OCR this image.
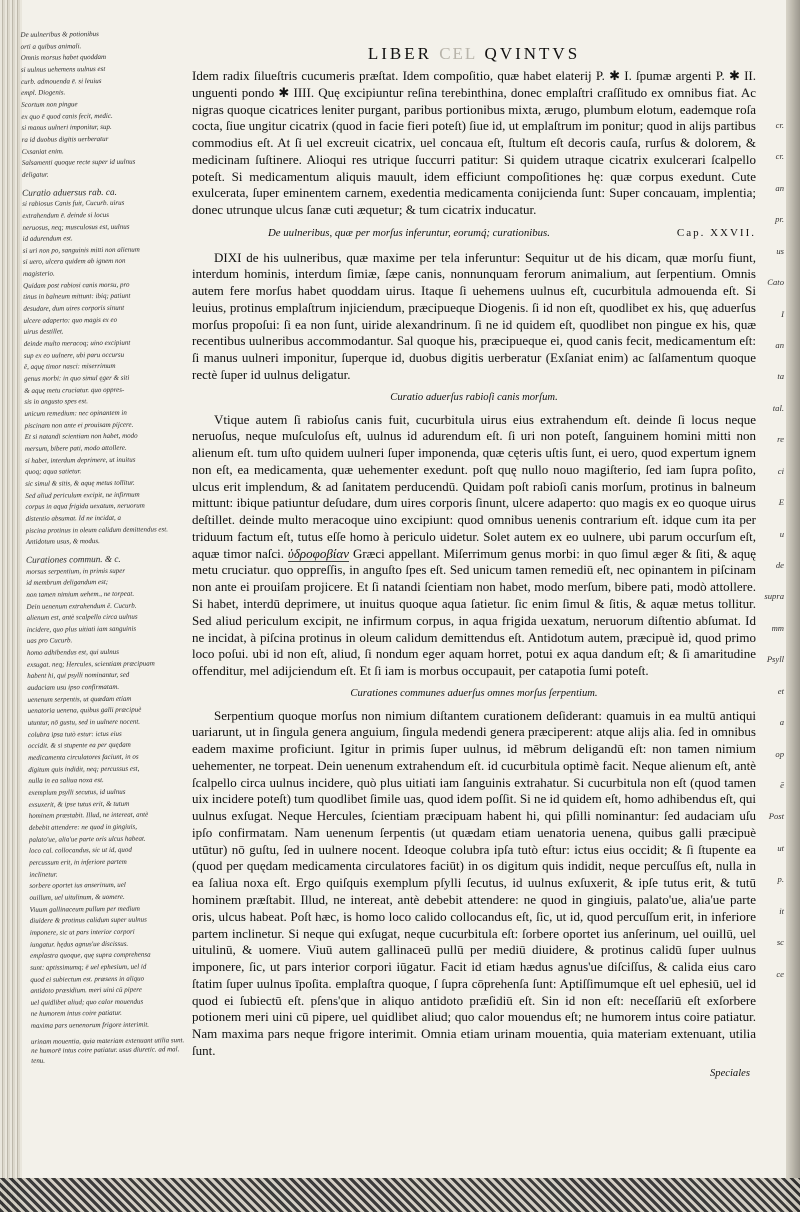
De uulneribus & potionibus
orti a quibus animali.
Omnis morsus habet quoddam
si uulnus uehemens uulnus est
curb. admouenda ē. si leuius
empl. Diogenis.
Scortum non pingue
ex quo ē quod canis fecit, medic.
si manus uulneri imponitur, sup.
ra id duobus digitis uerberatur
Cxsaniat enim.
Salsamenti quoque recte super id uulnus
deligatur.
Curatio aduersus rab. ca.
si rabiosus Canis fuit, Cucurb. uirus
extrahendum ē. deinde si locus
neruosus, neq; musculosus est, uulnus
id adurendum est.
si uri non po, sanguinis mitti non alienum
si uero, ulcera quidem ab ignem non
magisterio.
Quidam post rabiosi canis morsu, pro
tinus in balneum mittunt: ibiq; patiunt
desudare, dum uires corporis sinunt
ulcere adaperto: quo magis ex eo
uirus destillet.
deinde multo meracoq; uino excipiunt
sup ex eo uulnere, ubi paru occursu
ē, aquę timor nasci: miserrimum
genus morbi: in quo simul ęger & siti
& aquę metu cruciatur. quo oppres-
sis in angusto spes est.
unicum remedium: nec opinantem in
piscinam non ante ei prouisam pijcere.
Et si natandi scientiam non habet, modo
mersum, bibere pati, modo attollere.
si habet, interdum deprimere, ut inuitus
quoq; aqua satietur.
sic simul & sitis, & aquę metus tollitur.
Sed aliud periculum excipit, ne infirmum
corpus in aqua frigida uexatum, neruorum
distentio absumat. Id ne incidat, a
piscina protinus in oleum calidum demittendus est.
Antidotum usus, & modus.
Curationes commun. & c.
morsus serpentium, in primis super
id membrum deligandum est;
non tamen nimium uehem., ne torpeat.
Dein uenenum extrahendum ē. Cucurb.
alienum est, antè scalpello circa uulnus
incidere, quo plus uitiati iam sanguinis
uas pro Cucurb.
homo adhibendus est, qui uulnus
exsugat. neq; Hercules, scientiam præcipuam
habent hi, qui psylli nominantur, sed
audaciam usu ipso confirmatam.
uenenum serpentis, ut quædam etiam
uenatoria uenena, quibus galli præcipuè
utuntur, nō gustu, sed in uulnere nocent.
colubra ipsa tutò estur: ictus eius
occidit. & si stupente ea per quędam
medicamenta circulatores faciunt, in os
digitum quis indidit, neq; percussus est,
nulla in ea saliua noxa est.
exemplum psylli secutus, id uulnus
exsuxerit, & ipse tutus erit, & tutum
hominem præstabit. Illud, ne intereat, antè
debebit attendere: ne quod in gingiuis,
palato'ue, alia'ue parte oris ulcus habeat.
loco cal. collocandus, sic ut id, quod
percussum erit, in inferiore partem
inclinetur.
sorbere oportet ius anserinum, uel
ouillum, uel uitulinum, & uomere.
Viuum gallinaceum pullum per medium
diuidere & protinus calidum super uulnus
imponere, sic ut pars interior corpori
iungatur. hędus agnus'ue discissus.
emplastra quoque, quę supra comprehensa
sunt: aptissimumq; ē uel ephesium, uel id
quod ei subiectum est. præsens in aliquo
antidoto præsidium. meri uini cū pipere
uel quidlibet aliud; quo calor mouendus
ne humorem intus coire patiatur.
maxima pars uenenorum frigore interimit.
urinam mouentia, quia materiam extenuant utilia sunt. ne humorē intus coire patiatur. usus diuretic. ad mal. tenu.
cr.
cr.
an
pr.
us
Cato
I
an
ta
tal.
re
ci
E
u
de
supra
mm
Psyll
et
a
op
ē
Post
ut
p.
it
sc
ce
LIBER CEL QVINTVS

Idem radix ſilueſtris cucumeris præſtat. Idem compoſitio, quæ habet elaterij P. ✱ I. ſpumæ argenti P. ✱ II. unguenti pondo ✱ IIII. Quę excipiuntur reſina terebinthina, donec emplaſtri craſſitudo ex omnibus fiat. Ac nigras quoque cicatrices leniter purgant, paribus portionibus mixta, ærugo, plumbum elotum, eademque roſa cocta, ſiue ungitur cicatrix (quod in facie fieri poteſt) ſiue id, ut emplaſtrum im ponitur; quod in alijs partibus commodius eſt. At ſi uel excreuit cicatrix, uel concaua eſt, ſtultum eſt decoris cauſa, rurſus & dolorem, & medicinam ſuſtinere. Alioqui res utrique ſuccurri patitur: Si quidem utraque cicatrix exulcerari ſcalpello poteſt. Si medicamentum aliquis mauult, idem efficiunt compoſitiones hę: quæ corpus exedunt. Cute exulcerata, ſuper eminentem carnem, exedentia medicamenta conijcienda ſunt: Super concauam, implentia; donec utrunque ulcus ſanæ cuti æquetur; & tum cicatrix inducatur.

De uulneribus, quæ per morſus inferuntur, eorumq́; curationibus.	Cap. XXVII.

DIXI de his uulneribus, quæ maxime per tela inferuntur: Sequitur ut de his dicam, quæ morſu fiunt, interdum hominis, interdum ſimiæ, ſæpe canis, nonnunquam ferorum animalium, aut ſerpentium. Omnis autem fere morſus habet quoddam uirus. Itaque ſi uehemens uulnus eſt, cucurbitula admouenda eſt. Si leuius, protinus emplaſtrum injiciendum, præcipueque Diogenis. ſi id non eſt, quodlibet ex his, quę aduerſus morſus propoſui: ſi ea non ſunt, uiride alexandrinum. ſi ne id quidem eſt, quodlibet non pingue ex his, quæ recentibus uulneribus accommodantur. Sal quoque his, præcipueque ei, quod canis fecit, medicamentum eſt: ſi manus uulneri imponitur, ſuperque id, duobus digitis uerberatur (Exſaniat enim) ac ſalſamentum quoque rectè ſuper id uulnus deligatur.

Curatio aduerſus rabioſi canis morſum.

Vtique autem ſi rabioſus canis fuit, cucurbitula uirus eius extrahendum eſt. deinde ſi locus neque neruoſus, neque muſculoſus eſt, uulnus id adurendum eſt. ſi uri non poteſt, ſanguinem homini mitti non alienum eſt. tum uſto quidem uulneri ſuper imponenda, quæ cęteris uſtis ſunt, ei uero, quod expertum ignem non eſt, ea medicamenta, quæ uehementer exedunt. poſt quę nullo nouo magiſterio, ſed iam ſupra poſito, ulcus erit implendum, & ad ſanitatem perducendū. Quidam poſt rabioſi canis morſum, protinus in balneum mittunt: ibique patiuntur deſudare, dum uires corporis ſinunt, ulcere adaperto: quo magis ex eo quoque uirus deſtillet. deinde multo meracoque uino excipiunt: quod omnibus uenenis contrarium eſt. idque cum ita per triduum factum eſt, tutus eſſe homo à periculo uidetur. Solet autem ex eo uulnere, ubi parum occurſum eſt, aquæ timor naſci. ὑδροφοβίαν Græci appellant. Miſerrimum genus morbi: in quo ſimul æger & ſiti, & aquę metu cruciatur. quo oppreſſis, in anguſto ſpes eſt. Sed unicum tamen remediū eſt, nec opinantem in piſcinam non ante ei prouiſam projicere. Et ſi natandi ſcientiam non habet, modo merſum, bibere pati, modò attollere. Si habet, interdū deprimere, ut inuitus quoque aqua ſatietur. ſic enim ſimul & ſitis, & aquæ metus tollitur. Sed aliud periculum excipit, ne infirmum corpus, in aqua frigida uexatum, neruorum diſtentio abſumat. Id ne incidat, à piſcina protinus in oleum calidum demittendus eſt. Antidotum autem, præcipuè id, quod primo loco poſui. ubi id non eſt, aliud, ſi nondum eger aquam horret, potui ex aqua dandum eſt; & ſi amaritudine offenditur, mel adijciendum eſt. Et ſi iam is morbus occupauit, per catapotia ſumi poteſt.

Curationes communes aduerſus omnes morſus ſerpentium.

Serpentium quoque morſus non nimium diſtantem curationem deſiderant: quamuis in ea multū antiqui uariarunt, ut in ſingula genera anguium, ſingula medendi genera præciperent: atque alijs alia. ſed in omnibus eadem maxime proficiunt. Igitur in primis ſuper uulnus, id mēbrum deligandū eſt: non tamen nimium uehementer, ne torpeat. Dein uenenum extrahendum eſt. id cucurbitula optimè facit. Neque alienum eſt, antè ſcalpello circa uulnus incidere, quò plus uitiati iam ſanguinis extrahatur. Si cucurbitula non eſt (quod tamen uix incidere poteſt) tum quodlibet ſimile uas, quod idem poſſit. Si ne id quidem eſt, homo adhibendus eſt, qui uulnus exſugat. Neque Hercules, ſcientiam præcipuam habent hi, qui pſilli nominantur: ſed audaciam uſu ipſo confirmatam. Nam uenenum ſerpentis (ut quædam etiam uenatoria uenena, quibus galli præcipuè utūtur) nō guſtu, ſed in uulnere nocent. Ideoque colubra ipſa tutò eſtur: ictus eius occidit; & ſi ſtupente ea (quod per quędam medicamenta circulatores faciūt) in os digitum quis indidit, neque percuſſus eſt, nulla in ea ſaliua noxa eſt. Ergo quiſquis exemplum pſylli ſecutus, id uulnus exſuxerit, & ipſe tutus erit, & tutū hominem præſtabit. Illud, ne intereat, antè debebit attendere: ne quod in gingiuis, palato'ue, alia'ue parte oris, ulcus habeat. Poſt hæc, is homo loco calido collocandus eſt, ſic, ut id, quod percuſſum erit, in inferiore partem inclinetur. Si neque qui exſugat, neque cucurbitula eſt: ſorbere oportet ius anſerinum, uel ouillū, uel uitulinū, & uomere. Viuū autem gallinaceū pullū per mediū diuidere, & protinus calidū ſuper uulnus imponere, ſic, ut pars interior corpori iūgatur. Facit id etiam hædus agnus'ue diſciſſus, & calida eius caro ſtatim ſuper uulnus īpoſita. emplaſtra quoque, ſ ſupra cōprehenſa ſunt: Aptiſſimumque eſt uel ephesiū, uel id quod ei ſubiectū eſt. pſens'que in aliquo antidoto præſidiū eſt. Sin id non eſt: neceſſariū eſt exſorbere potionem meri uini cū pipere, uel quidlibet aliud; quo calor mouendus eſt; ne humorem intus coire patiatur. Nam maxima pars neque frigore interimit. Omnia etiam urinam mouentia, quia materiam extenuant, utilia ſunt.

Speciales
